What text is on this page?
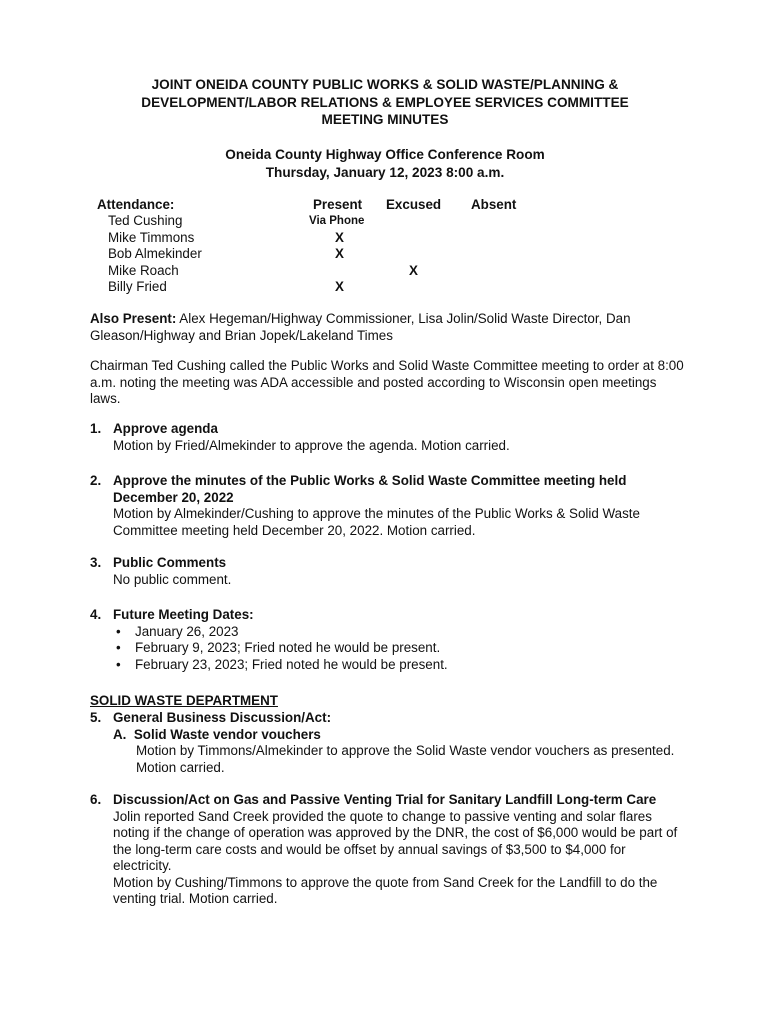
JOINT ONEIDA COUNTY PUBLIC WORKS & SOLID WASTE/PLANNING &
DEVELOPMENT/LABOR RELATIONS & EMPLOYEE SERVICES COMMITTEE
MEETING MINUTES
Oneida County Highway Office Conference Room
Thursday, January 12, 2023 8:00 a.m.
Attendance:	Present Excused Absent
Ted Cushing
Mike Timmons
Bob Almekinder
Mike Roach
Billy Fried
Via Phone
X
X
X
X
Also Present: Alex Hegeman/Highway Commissioner, Lisa Jolin/Solid Waste Director, Dan Gleason/Highway and Brian Jopek/Lakeland Times
Chairman Ted Cushing called the Public Works and Solid Waste Committee meeting to order at 8:00 a.m. noting the meeting was ADA accessible and posted according to Wisconsin open meetings laws.
1. Approve agenda
Motion by Fried/Almekinder to approve the agenda. Motion carried.
2. Approve the minutes of the Public Works & Solid Waste Committee meeting held December 20, 2022
Motion by Almekinder/Cushing to approve the minutes of the Public Works & Solid Waste Committee meeting held December 20, 2022. Motion carried.
3. Public Comments
No public comment.
4. Future Meeting Dates:
• January 26, 2023
• February 9, 2023; Fried noted he would be present.
• February 23, 2023; Fried noted he would be present.
SOLID WASTE DEPARTMENT
5. General Business Discussion/Act:
A. Solid Waste vendor vouchers
Motion by Timmons/Almekinder to approve the Solid Waste vendor vouchers as presented. Motion carried.
6. Discussion/Act on Gas and Passive Venting Trial for Sanitary Landfill Long-term Care
Jolin reported Sand Creek provided the quote to change to passive venting and solar flares noting if the change of operation was approved by the DNR, the cost of $6,000 would be part of the long-term care costs and would be offset by annual savings of $3,500 to $4,000 for electricity.
Motion by Cushing/Timmons to approve the quote from Sand Creek for the Landfill to do the venting trial. Motion carried.
